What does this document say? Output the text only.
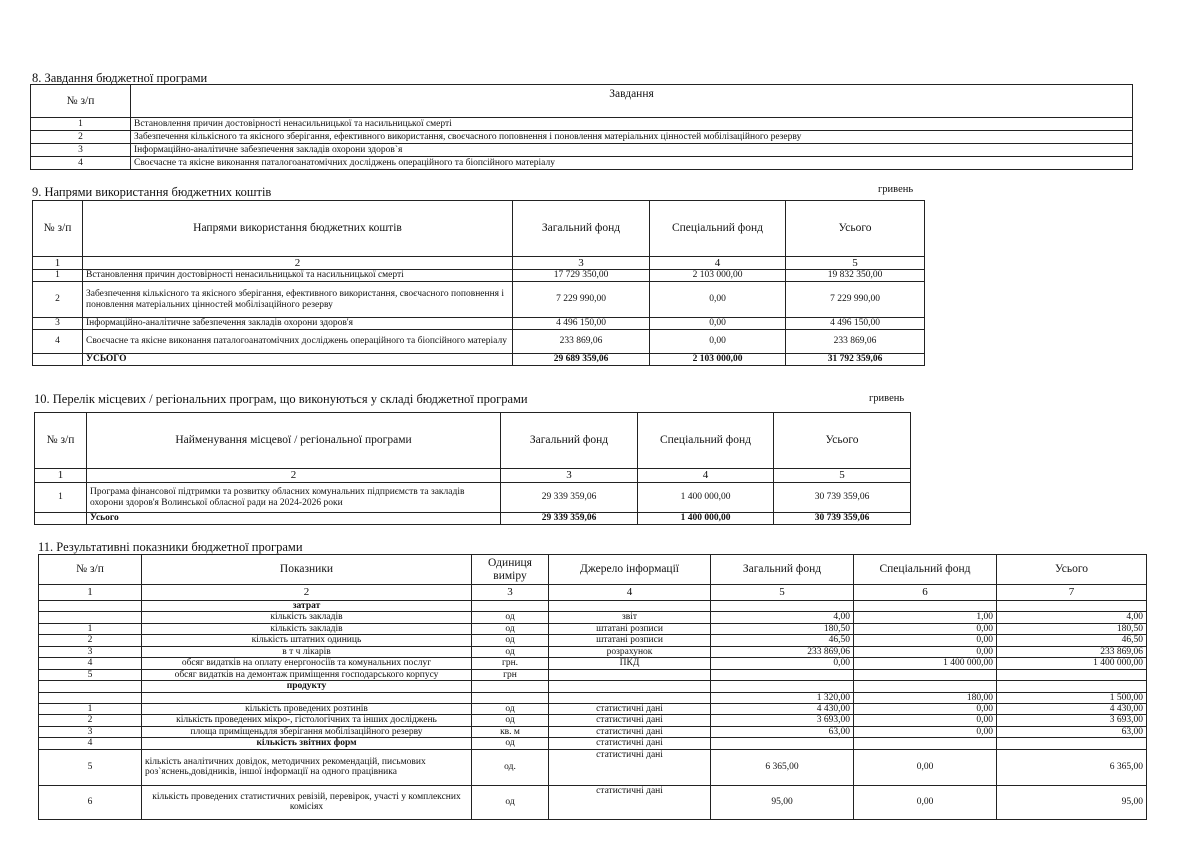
8. Завдання бюджетної програми
№ з/п	Завдання
1	Встановлення причин достовірності ненасильницької та насильницької смерті
2	Забезпечення кількісного та якісного зберігання, ефективного використання, своєчасного поповнення і поновлення матеріальних цінностей мобілізаційного резерву
3	Інформаційно-аналітичне забезпечення закладів охорони здоров`я
4	Своєчасне та якісне виконання паталогоанатомічних досліджень операційного та біопсійного матеріалу
9. Напрями використання бюджетних коштів	гривень
№ з/п	Напрями використання бюджетних коштів	Загальний фонд	Спеціальний фонд	Усього
1	2	3	4	5
1	Встановлення причин достовірності ненасильницької та насильницької смерті	17 729 350,00	2 103 000,00	19 832 350,00
2	Забезпечення кількісного та якісного зберігання, ефективного використання, своєчасного поповнення і поновлення матеріальних цінностей мобілізаційного резерву	7 229 990,00	0,00	7 229 990,00
3	Інформаційно-аналітичне забезпечення закладів охорони здоров'я	4 496 150,00	0,00	4 496 150,00
4	Своєчасне та якісне виконання паталогоанатомічних досліджень операційного та біопсійного матеріалу	233 869,06	0,00	233 869,06
	УСЬОГО	29 689 359,06	2 103 000,00	31 792 359,06
10. Перелік місцевих / регіональних програм, що виконуються у складі бюджетної програми	гривень
№ з/п	Найменування місцевої / регіональної програми	Загальний фонд	Спеціальний фонд	Усього
1	2	3	4	5
1	Програма фінансової підтримки та розвитку обласних комунальних підприємств та закладів охорони здоров'я Волинської обласної ради на 2024-2026 роки	29 339 359,06	1 400 000,00	30 739 359,06
	Усього	29 339 359,06	1 400 000,00	30 739 359,06
11. Результативні показники бюджетної програми
№ з/п	Показники	Одиниця виміру	Джерело інформації	Загальний фонд	Спеціальний фонд	Усього
1	2	3	4	5	6	7
	затрат					
	кількість закладів	од	звіт	4,00	1,00	4,00
1	кількість закладів	од	штатані розписи	180,50	0,00	180,50
2	кількість штатних одиниць	од	штатані розписи	46,50	0,00	46,50
3	в т ч лікарів	од	розрахунок	233 869,06	0,00	233 869,06
4	обсяг видатків на оплату енергоносіїв та комунальних послуг	грн.	ПКД	0,00	1 400 000,00	1 400 000,00
5	обсяг видатків на демонтаж приміщення господарського корпусу	грн				
	продукту					
				1 320,00	180,00	1 500,00
1	кількість проведених розтинів	од	статистичні дані	4 430,00	0,00	4 430,00
2	кількість проведених мікро-, гістологічних та інших досліджень	од	статистичні дані	3 693,00	0,00	3 693,00
3	площа приміщеньдля зберігання мобілізаційного резерву	кв. м	статистичні дані	63,00	0,00	63,00
4	кількість звітних форм	од	статистичні дані			
5	кількість аналітичних довідок, методичних рекомендацій, письмових роз`яснень,довідників, іншої інформації на одного працівника	од.	статистичні дані	6 365,00	0,00	6 365,00
6	кількість проведених статистичних ревізій, перевірок, участі у комплексних комісіях	од	статистичні дані	95,00	0,00	95,00
